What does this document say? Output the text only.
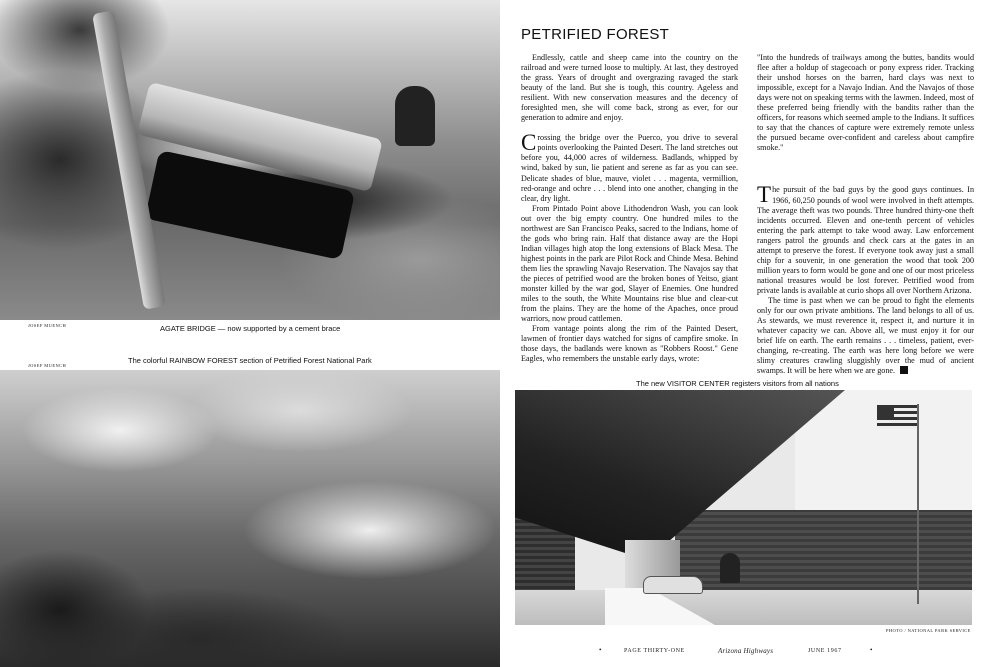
JOSEF MUENCH	AGATE BRIDGE — now supported by a cement brace
The colorful RAINBOW FOREST section of Petrified Forest National Park
JOSEF MUENCH
PETRIFIED FOREST

Endlessly, cattle and sheep came into the country on the railroad and were turned loose to multiply. At last, they destroyed the grass. Years of drought and overgrazing ravaged the stark beauty of the land. But she is tough, this country. Ageless and resilient. With new conservation measures and the decency of foresighted men, she will come back, strong as ever, for our generation to admire and enjoy.

Crossing the bridge over the Puerco, you drive to several points overlooking the Painted Desert. The land stretches out before you, 44,000 acres of wilderness. Badlands, whipped by wind, baked by sun, lie patient and serene as far as you can see. Delicate shades of blue, mauve, violet . . . magenta, vermillion, red-orange and ochre . . . blend into one another, changing in the clear, dry light.

From Pintado Point above Lithodendron Wash, you can look out over the big empty country. One hundred miles to the northwest are San Francisco Peaks, sacred to the Indians, home of the gods who bring rain. Half that distance away are the Hopi Indian villages high atop the long extensions of Black Mesa. The highest points in the park are Pilot Rock and Chinde Mesa. Behind them lies the sprawling Navajo Reservation. The Navajos say that the pieces of petrified wood are the broken bones of Yeitso, giant monster killed by the war god, Slayer of Enemies. One hundred miles to the south, the White Mountains rise blue and clear-cut from the plains. They are the home of the Apaches, once proud warriors, now proud cattlemen.

From vantage points along the rim of the Painted Desert, lawmen of frontier days watched for signs of campfire smoke. In those days, the badlands were known as "Robbers Roost." Gene Eagles, who remembers the unstable early days, wrote:

"Into the hundreds of trailways among the buttes, bandits would flee after a holdup of stagecoach or pony express rider. Tracking their unshod horses on the barren, hard clays was next to impossible, except for a Navajo Indian. And the Navajos of those days were not on speaking terms with the lawmen. Indeed, most of these preferred being friendly with the bandits rather than the officers, for reasons which seemed ample to the Indians. It suffices to say that the chances of capture were extremely remote unless the pursued became over-confident and careless about campfire smoke."

The pursuit of the bad guys by the good guys continues. In 1966, 60,250 pounds of wool were involved in theft attempts. The average theft was two pounds. Three hundred thirty-one theft incidents occurred. Eleven and one-tenth percent of vehicles entering the park attempt to take wood away. Law enforcement rangers patrol the grounds and check cars at the gates in an attempt to preserve the forest. If everyone took away just a small chip for a souvenir, in one generation the wood that took 200 million years to form would be gone and one of our most priceless national treasures would be lost forever. Petrified wood from private lands is available at curio shops all over Northern Arizona.

The time is past when we can be proud to fight the elements only for our own private ambitions. The land belongs to all of us. As stewards, we must reverence it, respect it, and nurture it in whatever capacity we can. Above all, we must enjoy it for our brief life on earth. The earth remains . . . timeless, patient, ever-changing, re-creating. The earth was here long before we were slimy creatures crawling sluggishly over the mud of ancient swamps. It will be here when we are gone.

The new VISITOR CENTER registers visitors from all nations
PHOTO / NATIONAL PARK SERVICE
•	PAGE THIRTY-ONE	Arizona Highways	JUNE 1967	•
